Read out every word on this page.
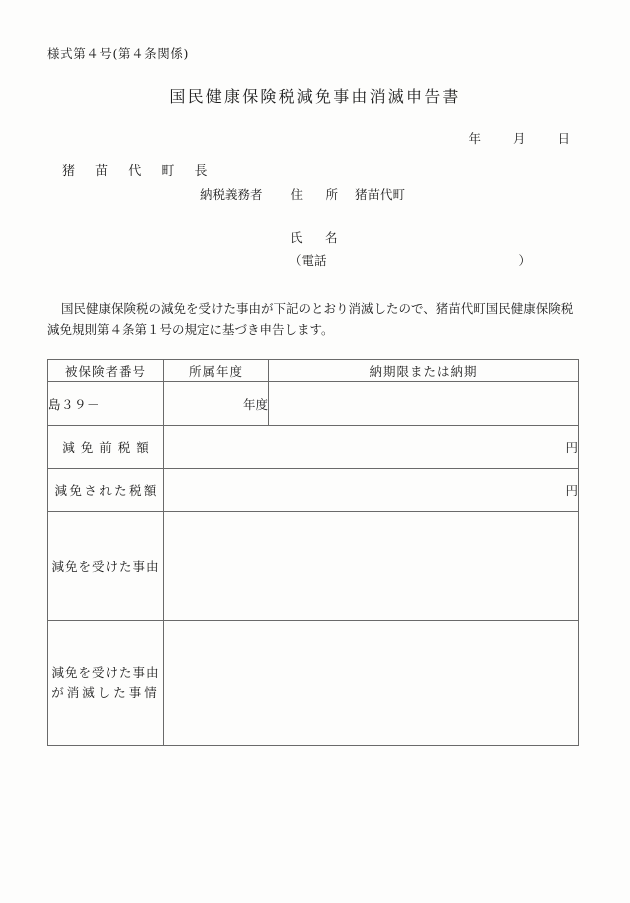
様式第４号(第４条関係)
国民健康保険税減免事由消滅申告書
年	月	日
猪 苗 代 町 長
納税義務者 住　所 猪苗代町
氏　名
（電話	）
国民健康保険税の減免を受けた事由が下記のとおり消滅したので、猪苗代町国民健康保険税減免規則第４条第１号の規定に基づき申告します。
被保険者番号	所属年度	納期限または納期
島３９－	年度	
減免前税額	円	
減免された税額	円	
減免を受けた事由		

減免を受けた事由
が消滅した事情		
